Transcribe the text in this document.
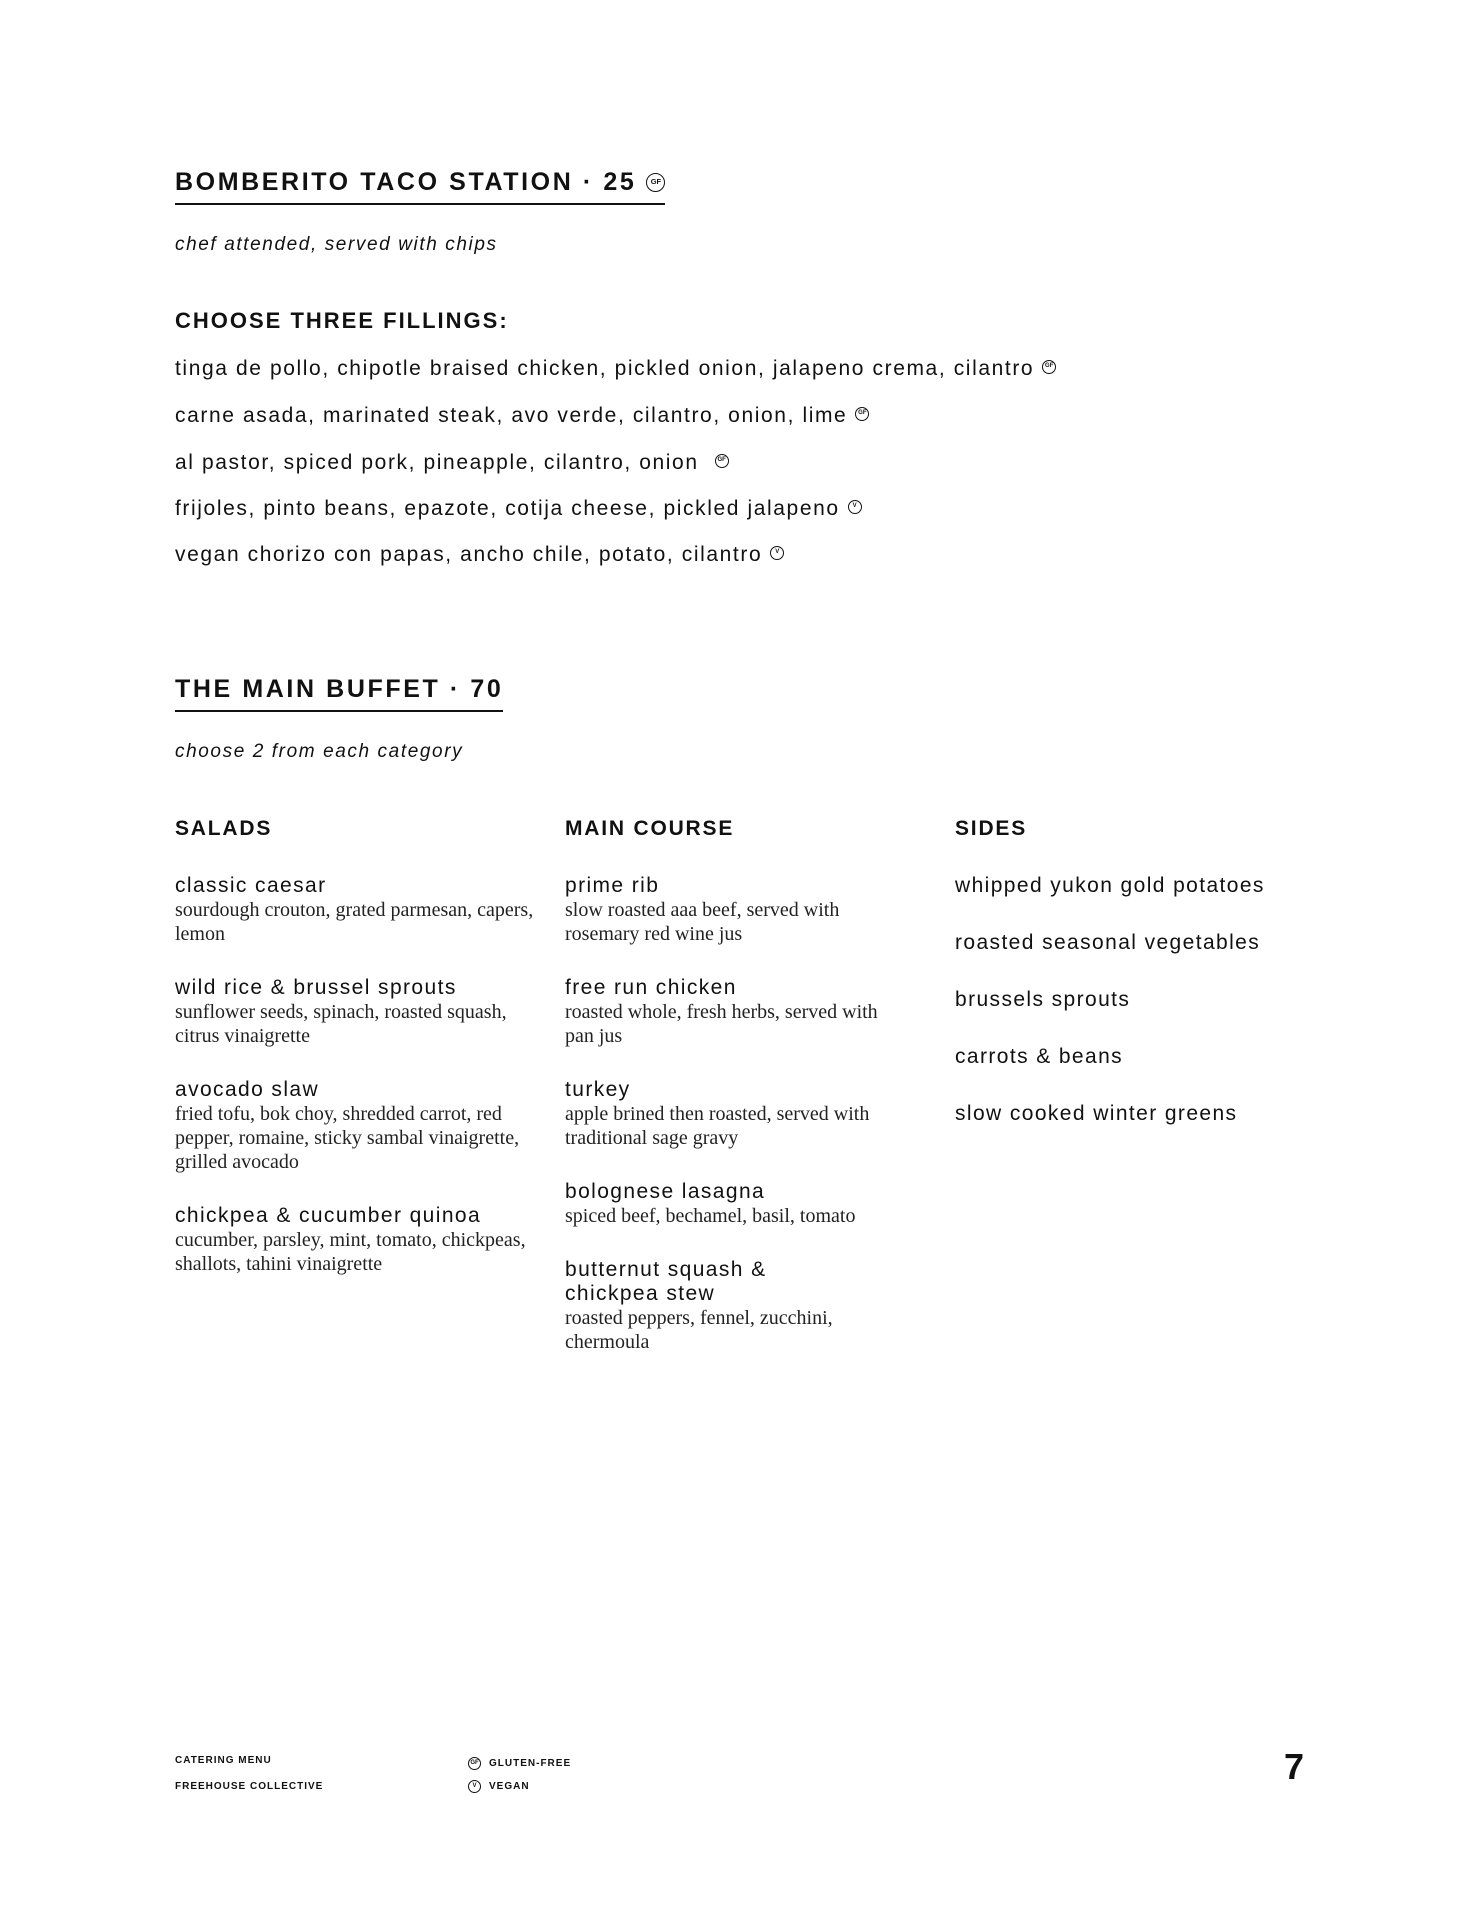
BOMBERITO TACO STATION · 25	GF
chef attended, served with chips
CHOOSE THREE FILLINGS:
tinga de pollo, chipotle braised chicken, pickled onion, jalapeno crema, cilantro GF
carne asada, marinated steak, avo verde, cilantro, onion, lime GF
al pastor, spiced pork, pineapple, cilantro, onion	GF
frijoles, pinto beans, epazote, cotija cheese, pickled jalapeno V
vegan chorizo con papas, ancho chile, potato, cilantro V
THE MAIN BUFFET · 70
choose 2 from each category
SALADS
classic caesar
sourdough crouton, grated parmesan, capers, lemon
wild rice & brussel sprouts
sunflower seeds, spinach, roasted squash, citrus vinaigrette
avocado slaw
fried tofu, bok choy, shredded carrot, red pepper, romaine, sticky sambal vinaigrette, grilled avocado
chickpea & cucumber quinoa
cucumber, parsley, mint, tomato, chickpeas, shallots, tahini vinaigrette
MAIN COURSE
prime rib
slow roasted aaa beef, served with rosemary red wine jus
free run chicken
roasted whole, fresh herbs, served with pan jus
turkey
apple brined then roasted, served with traditional sage gravy
bolognese lasagna
spiced beef, bechamel, basil, tomato
butternut squash & chickpea stew
roasted peppers, fennel, zucchini, chermoula
SIDES
whipped yukon gold potatoes
roasted seasonal vegetables
brussels sprouts
carrots & beans
slow cooked winter greens
CATERING MENU
FREEHOUSE COLLECTIVE
GF GLUTEN-FREE
V	VEGAN	7
